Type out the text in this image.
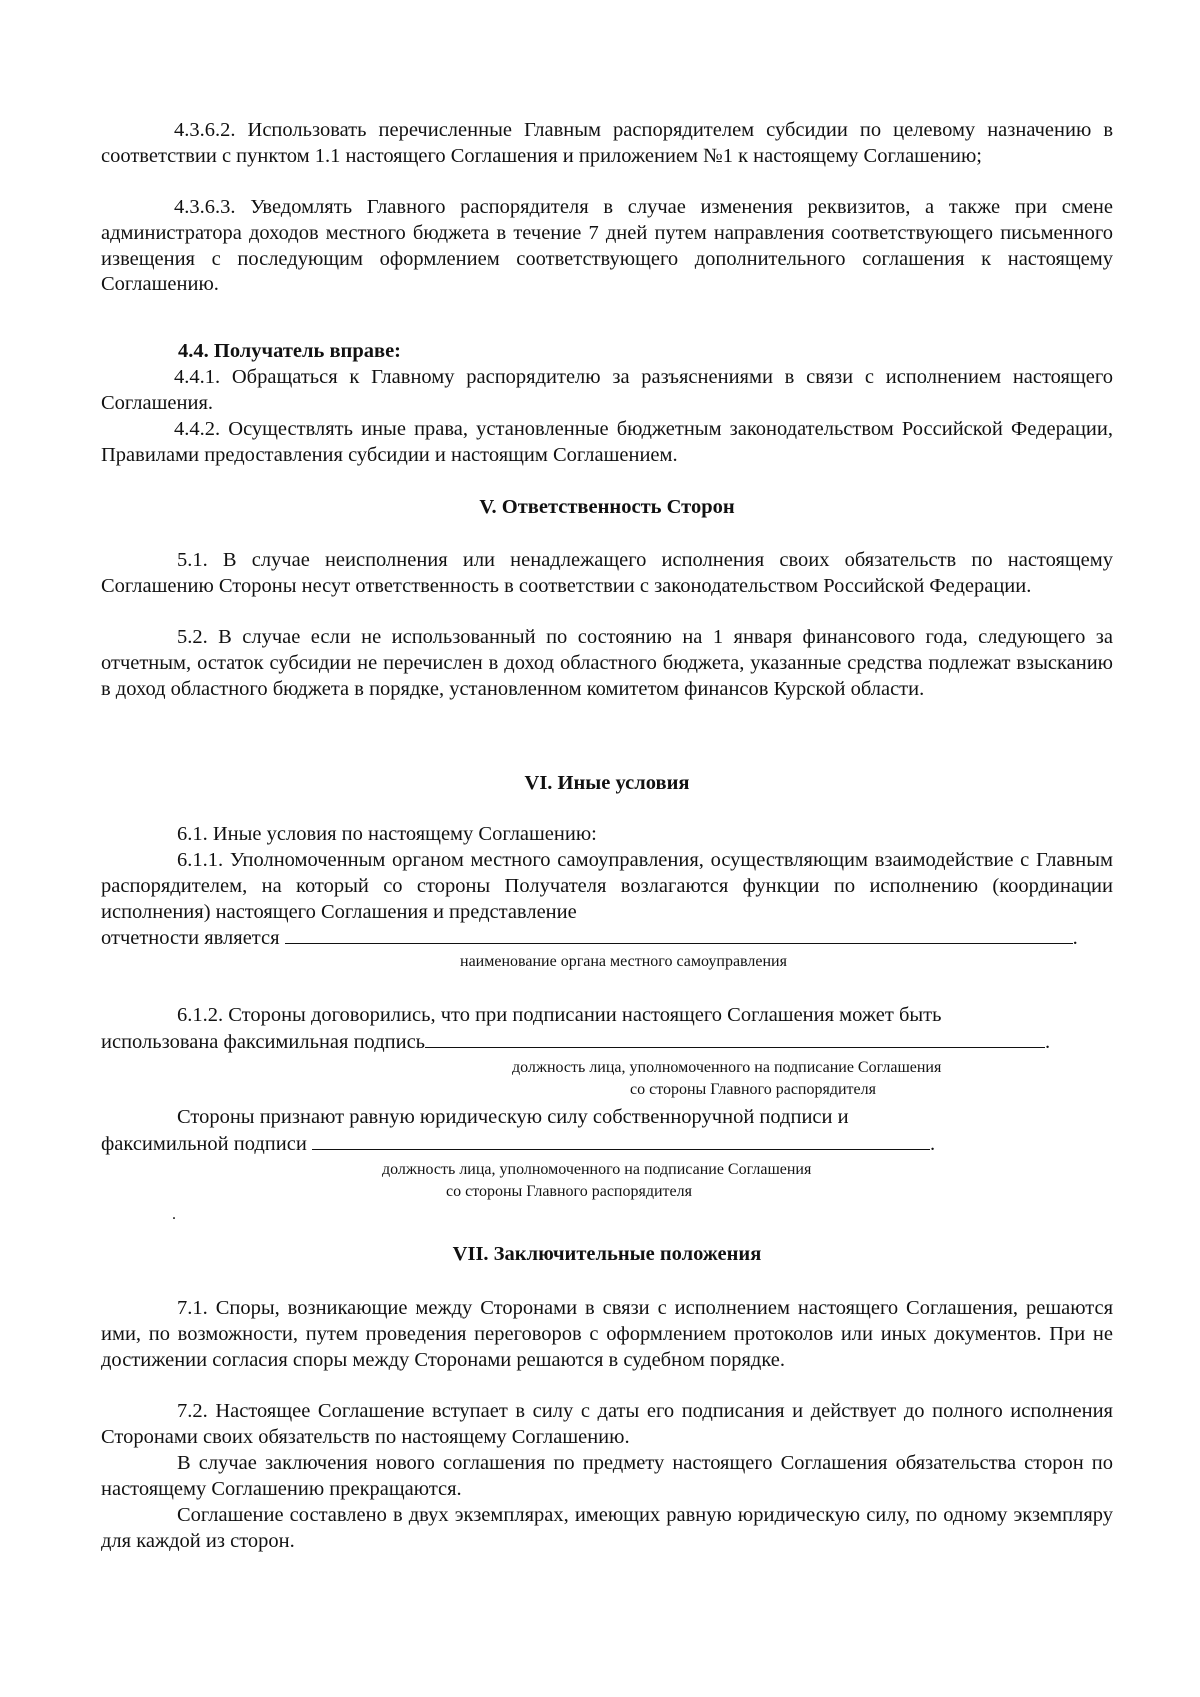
4.3.6.2. Использовать перечисленные Главным распорядителем субсидии по целевому назначению в соответствии с пунктом 1.1 настоящего Соглашения и приложением №1 к настоящему Соглашению;

4.3.6.3. Уведомлять Главного распорядителя в случае изменения реквизитов, а также при смене администратора доходов местного бюджета в течение 7 дней путем направления соответствующего письменного извещения с последующим оформлением соответствующего дополнительного соглашения к настоящему Соглашению.

4.4. Получатель вправе:

4.4.1. Обращаться к Главному распорядителю за разъяснениями в связи с исполнением настоящего Соглашения.

4.4.2. Осуществлять иные права, установленные бюджетным законодательством Российской Федерации, Правилами предоставления субсидии и настоящим Соглашением.

V. Ответственность Сторон

5.1. В случае неисполнения или ненадлежащего исполнения своих обязательств по настоящему Соглашению Стороны несут ответственность в соответствии с законодательством Российской Федерации.

5.2. В случае если не использованный по состоянию на 1 января финансового года, следующего за отчетным, остаток субсидии не перечислен в доход областного бюджета, указанные средства подлежат взысканию в доход областного бюджета в порядке, установленном комитетом финансов Курской области.

VI. Иные условия

6.1. Иные условия по настоящему Соглашению:

6.1.1. Уполномоченным органом местного самоуправления, осуществляющим взаимодействие с Главным распорядителем, на который со стороны Получателя возлагаются функции по исполнению (координации исполнения) настоящего Соглашения и представление

отчетности является	.

наименование органа местного самоуправления

6.1.2. Стороны договорились, что при подписании настоящего Соглашения может быть

использована факсимильная подпись	.

должность лица, уполномоченного на подписание Соглашения

со стороны Главного распорядителя

Стороны признают равную юридическую силу собственноручной подписи и

факсимильной подписи	.

должность лица, уполномоченного на подписание Соглашения

со стороны Главного распорядителя

.

VII. Заключительные положения

7.1. Споры, возникающие между Сторонами в связи с исполнением настоящего Соглашения, решаются ими, по возможности, путем проведения переговоров с оформлением протоколов или иных документов. При не достижении согласия споры между Сторонами решаются в судебном порядке.

7.2. Настоящее Соглашение вступает в силу с даты его подписания и действует до полного исполнения Сторонами своих обязательств по настоящему Соглашению.

В случае заключения нового соглашения по предмету настоящего Соглашения обязательства сторон по настоящему Соглашению прекращаются.

Соглашение составлено в двух экземплярах, имеющих равную юридическую силу, по одному экземпляру для каждой из сторон.
